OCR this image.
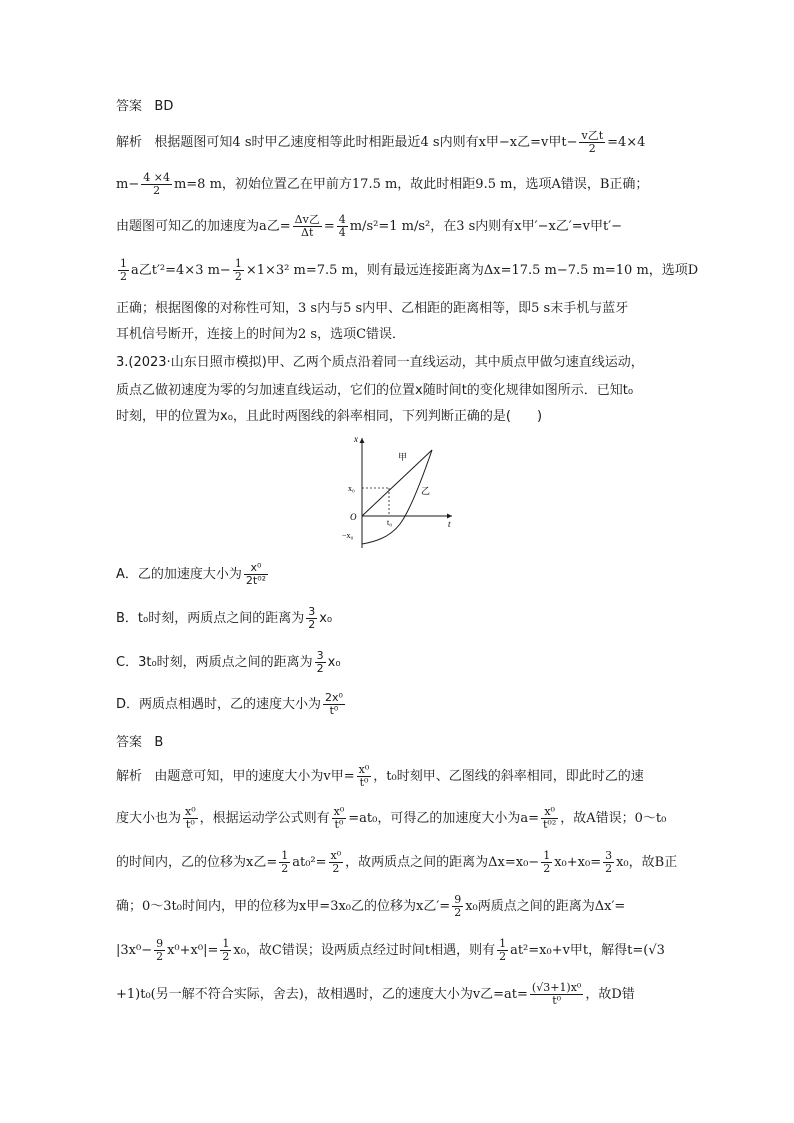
答案 BD
解析 根据题图可知4 s时甲乙速度相等此时相距最近4 s内则有x甲−x乙=v甲$t- \frac{\text{v乙t}}{2} =4\times 4$
$m- \frac{4 \times 4}{2} m=8$ m，初始位置乙在甲前方17.5 m，故此时相距9.5 m，选项A错误，B正确；
由题图可知乙的加速度为a乙= $\frac{\text{Δv乙}}{\Delta t} = \frac{4}{4} m/s^2=1$ m/s²，在3 s内则有x甲′−x乙′=v甲t′−
$\frac{1}{2}$ a乙t′²=4×3 $m- \frac{1}{2} \times 1\times 3^2$ m=7.5 m，则有最远连接距离为Δx=17.5 m−7.5 m=10 m，选项D
正确；根据图像的对称性可知，3 s内与5 s内甲、乙相距的距离相等，即5 s末手机与蓝牙
耳机信号断开，连接上的时间为2 s，选项C错误．
3.(2023·山东日照市模拟)甲、乙两个质点沿着同一直线运动，其中质点甲做匀速直线运动，
质点乙做初速度为零的匀加速直线运动，它们的位置x随时间t的变化规律如图所示．已知t₀
时刻，甲的位置为x₀，且此时两图线的斜率相同，下列判断正确的是(　　)
x
t
O
x₀
−x₀
t₀
甲
乙
A．乙的加速度大小为 $\frac{\text{x⁰}}{\text{2t⁰²}}$
B．t₀时刻，两质点之间的距离为 $\frac{3}{2} x_0$
C．3t₀时刻，两质点之间的距离为 $\frac{3}{2} x_0$
D．两质点相遇时，乙的速度大小为 $\frac{\text{2x⁰}}{\text{t⁰}}$
答案 B
解析 由题意可知，甲的速度大小为v甲= $\frac{\text{x⁰}}{\text{t⁰}}$ ，t₀时刻甲、乙图线的斜率相同，即此时乙的速
度大小也为 $\frac{\text{x⁰}}{\text{t⁰}}$ ，根据运动学公式则有 $\frac{\text{x⁰}}{\text{t⁰}} =at_0$，可得乙的加速度大小为$a= \frac{\text{x⁰}}{\text{t⁰²}}$ ，故A错误；0～t₀
的时间内，乙的位移为x乙= $\frac{1}{2} at_0^2= \frac{\text{x⁰}}{2}$ ，故两质点之间的距离为$\Delta x=x_0- \frac{1}{2} x_0+x_0= \frac{3}{2} x_0$，故B正
确；0～3t₀时间内，甲的位移为x甲=3x₀乙的位移为x乙′= $\frac{9}{2} x_0$两质点之间的距离为Δx′=
$|3x^0- \frac{9}{2} x^0+x^0|= \frac{1}{2} x_0$，故C错误；设两质点经过时间t相遇，则有 $\frac{1}{2} at^2=x_0+v$甲t，解得t=(√3
+1)t₀(另一解不符合实际，舍去)，故相遇时，乙的速度大小为v乙$=at= \frac{\text{(√3+1)x⁰}}{\text{t⁰}}$ ，故D错
